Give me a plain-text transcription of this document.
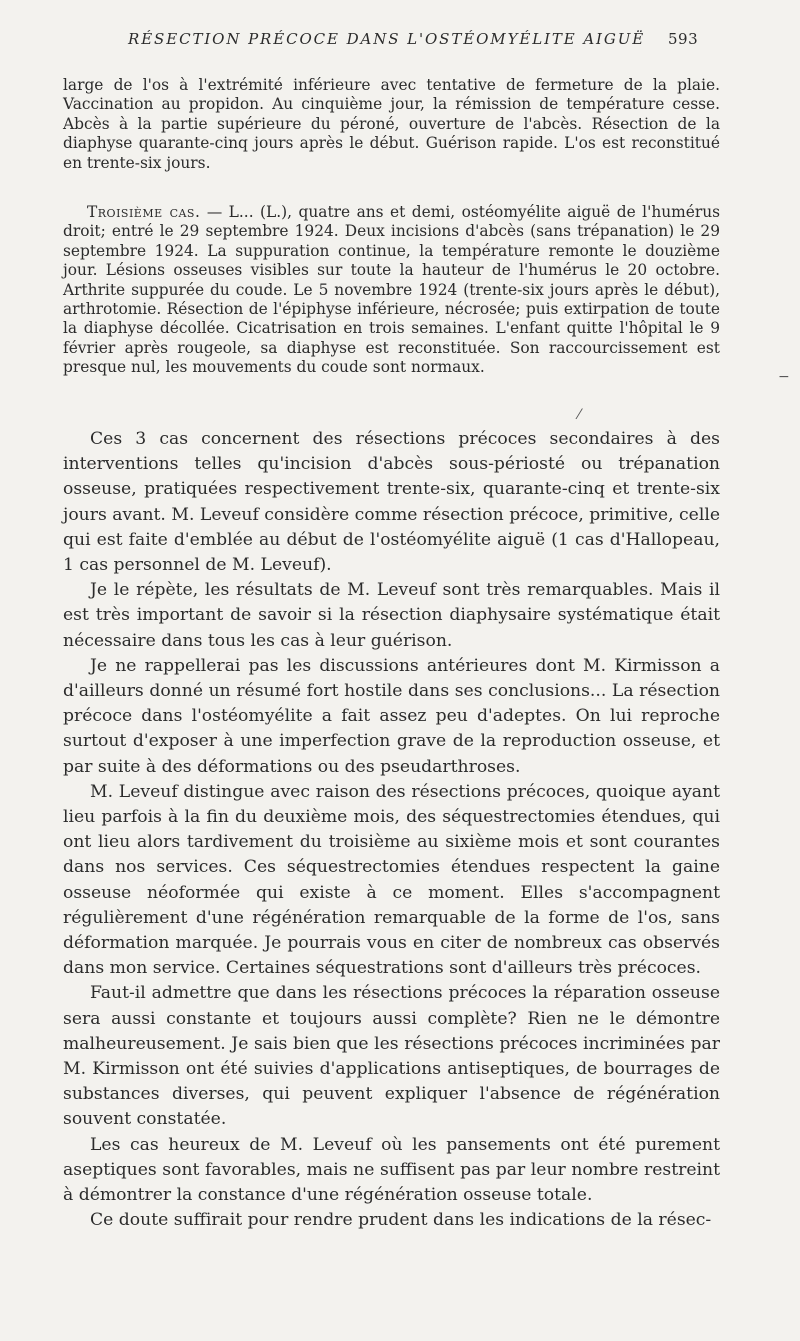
RÉSECTION PRÉCOCE DANS L'OSTÉOMYÉLITE AIGUË 593

large de l'os à l'extrémité inférieure avec tentative de fermeture de la plaie. Vaccination au propidon. Au cinquième jour, la rémission de température cesse. Abcès à la partie supérieure du péroné, ouverture de l'abcès. Résection de la diaphyse quarante-cinq jours après le début. Guérison rapide. L'os est reconstitué en trente-six jours.

Troisième cas. — L... (L.), quatre ans et demi, ostéomyélite aiguë de l'humérus droit; entré le 29 septembre 1924. Deux incisions d'abcès (sans trépanation) le 29 septembre 1924. La suppuration continue, la température remonte le douzième jour. Lésions osseuses visibles sur toute la hauteur de l'humérus le 20 octobre. Arthrite suppurée du coude. Le 5 novembre 1924 (trente-six jours après le début), arthrotomie. Résection de l'épiphyse inférieure, nécrosée; puis extirpation de toute la diaphyse décollée. Cicatrisation en trois semaines. L'enfant quitte l'hôpital le 9 février après rougeole, sa diaphyse est reconstituée. Son raccourcissement est presque nul, les mouvements du coude sont normaux.

−
⁄

Ces 3 cas concernent des résections précoces secondaires à des interventions telles qu'incision d'abcès sous-périosté ou trépanation osseuse, pratiquées respectivement trente-six, quarante-cinq et trente-six jours avant. M. Leveuf considère comme résection précoce, primitive, celle qui est faite d'emblée au début de l'ostéomyélite aiguë (1 cas d'Hallopeau, 1 cas personnel de M. Leveuf).

Je le répète, les résultats de M. Leveuf sont très remarquables. Mais il est très important de savoir si la résection diaphysaire systématique était nécessaire dans tous les cas à leur guérison.

Je ne rappellerai pas les discussions antérieures dont M. Kirmisson a d'ailleurs donné un résumé fort hostile dans ses conclusions... La résection précoce dans l'ostéomyélite a fait assez peu d'adeptes. On lui reproche surtout d'exposer à une imperfection grave de la reproduction osseuse, et par suite à des déformations ou des pseudarthroses.

M. Leveuf distingue avec raison des résections précoces, quoique ayant lieu parfois à la fin du deuxième mois, des séquestrectomies étendues, qui ont lieu alors tardivement du troisième au sixième mois et sont courantes dans nos services. Ces séquestrectomies étendues respectent la gaine osseuse néoformée qui existe à ce moment. Elles s'accompagnent régulièrement d'une régénération remarquable de la forme de l'os, sans déformation marquée. Je pourrais vous en citer de nombreux cas observés dans mon service. Certaines séquestrations sont d'ailleurs très précoces.

Faut-il admettre que dans les résections précoces la réparation osseuse sera aussi constante et toujours aussi complète? Rien ne le démontre malheureusement. Je sais bien que les résections précoces incriminées par M. Kirmisson ont été suivies d'applications antiseptiques, de bourrages de substances diverses, qui peuvent expliquer l'absence de régénération souvent constatée.

Les cas heureux de M. Leveuf où les pansements ont été purement aseptiques sont favorables, mais ne suffisent pas par leur nombre restreint à démontrer la constance d'une régénération osseuse totale.

Ce doute suffirait pour rendre prudent dans les indications de la résec-
